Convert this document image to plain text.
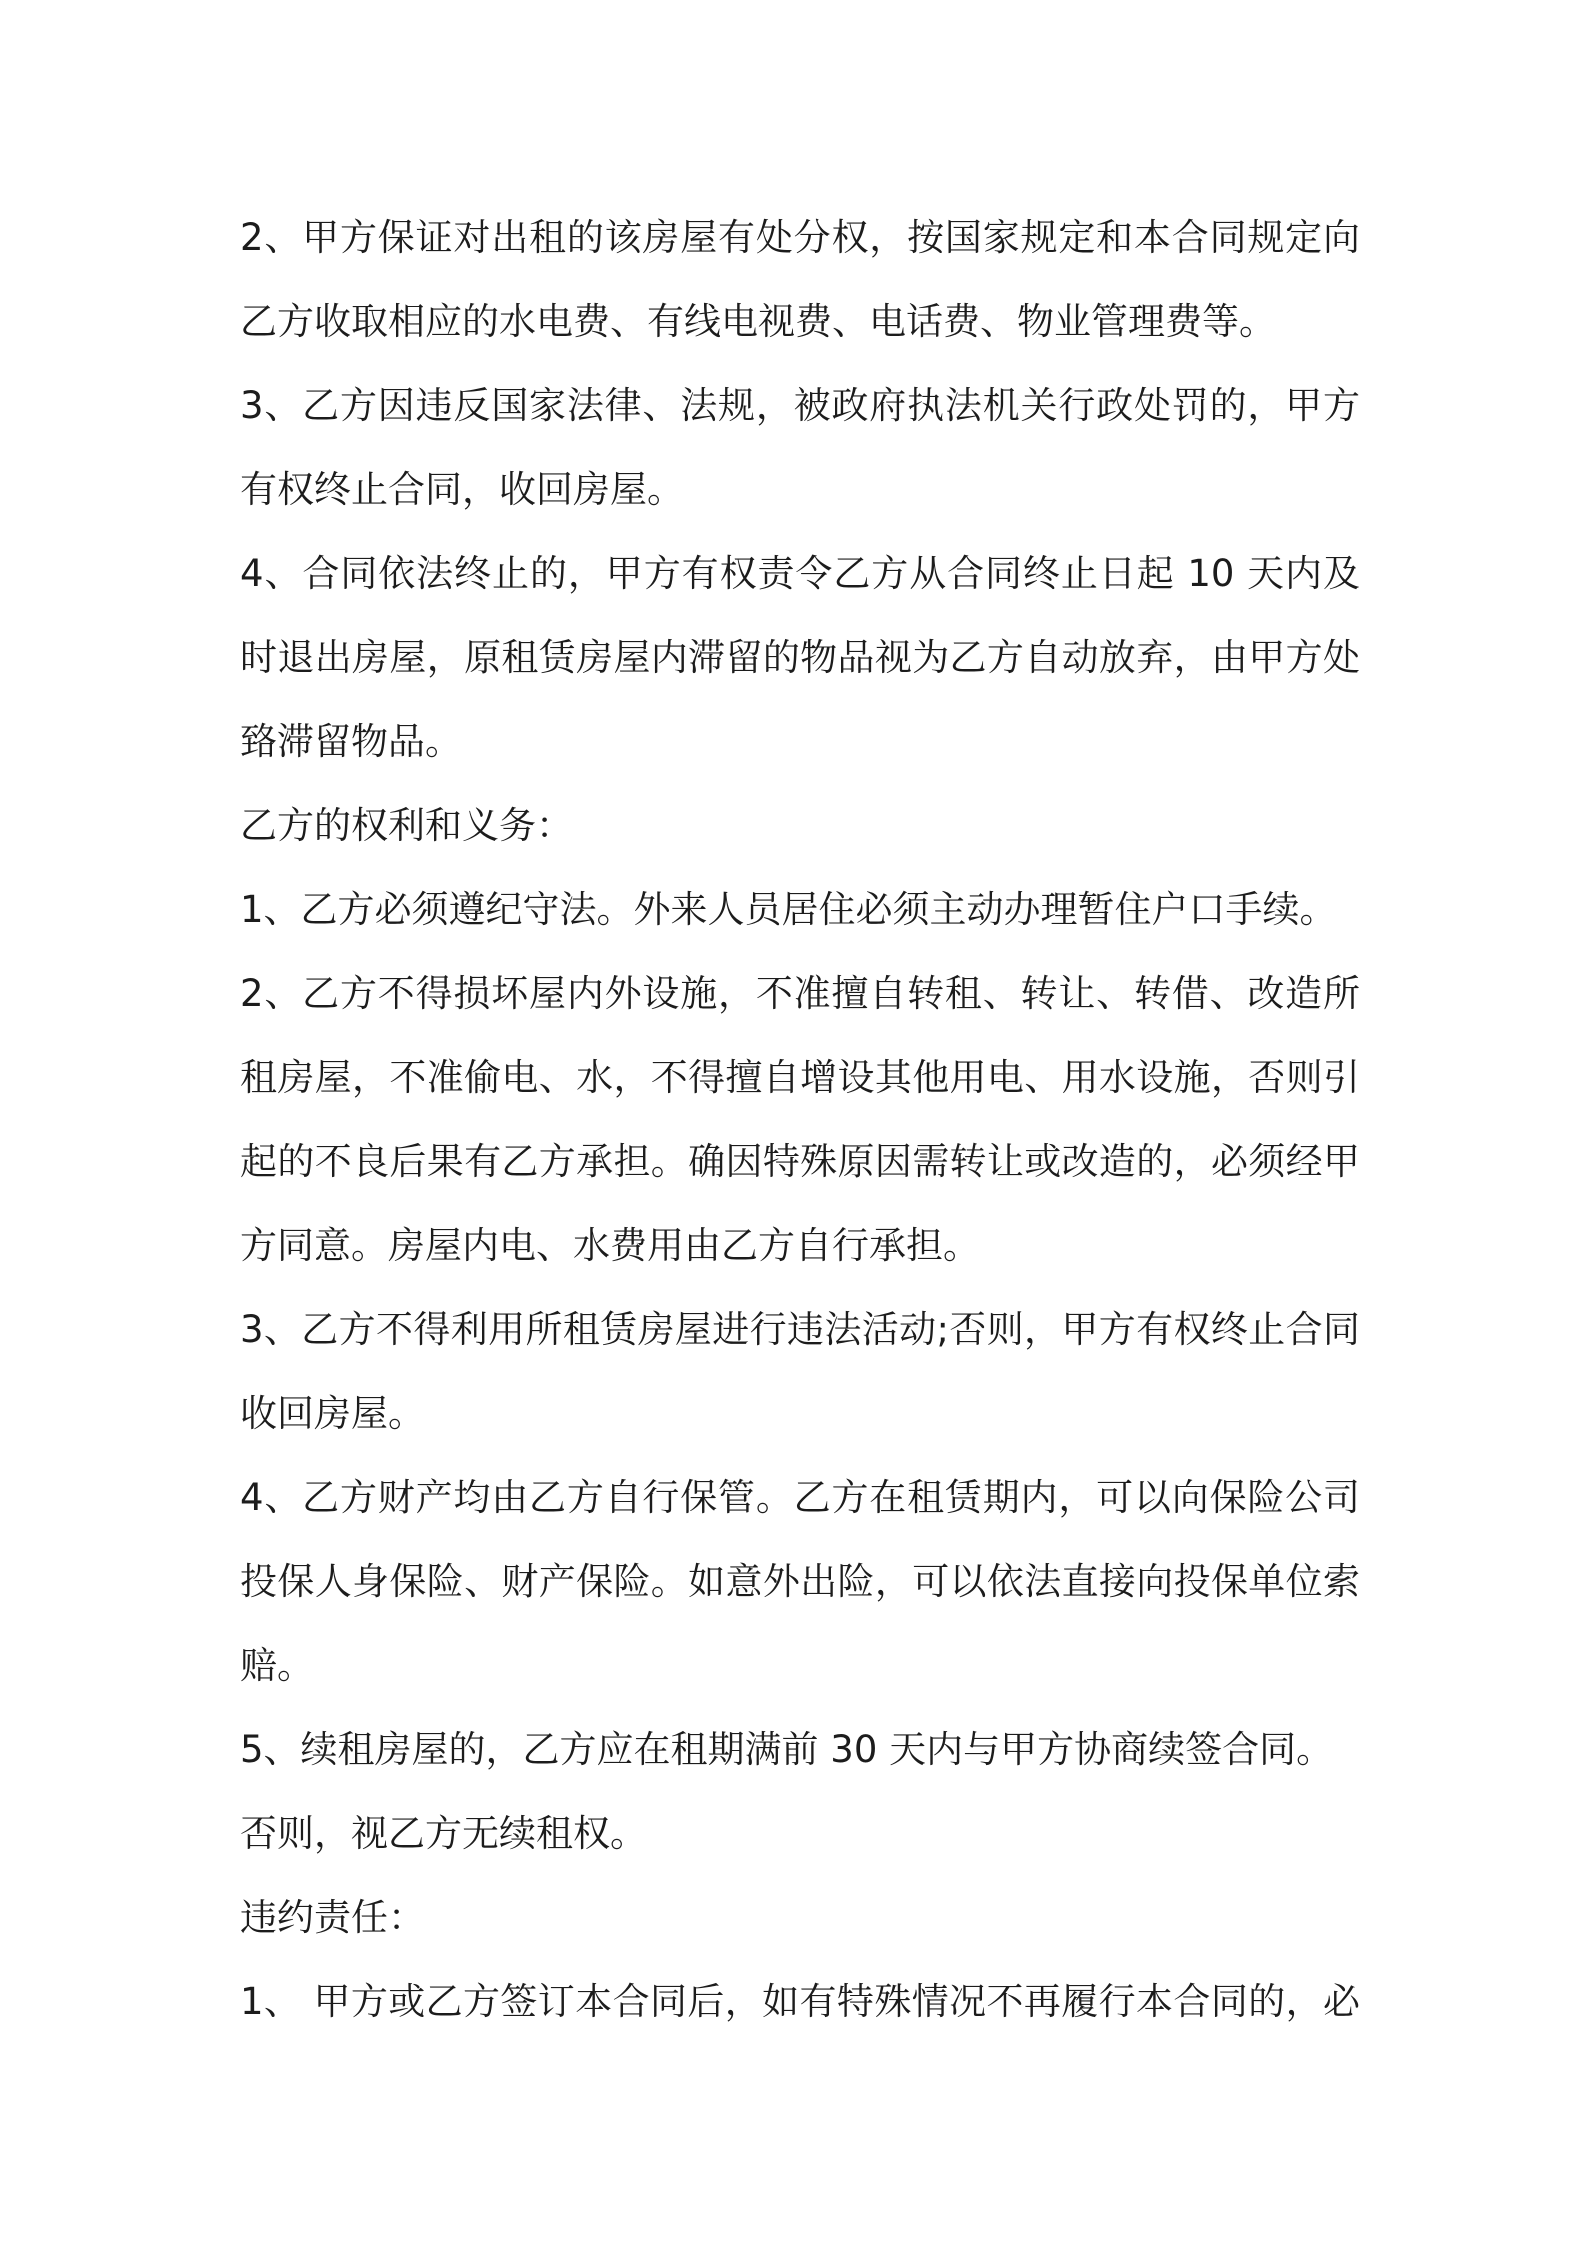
2、甲方保证对出租的该房屋有处分权，按国家规定和本合同规定向
乙方收取相应的水电费、有线电视费、电话费、物业管理费等。
3、乙方因违反国家法律、法规，被政府执法机关行政处罚的，甲方
有权终止合同，收回房屋。
4、合同依法终止的，甲方有权责令乙方从合同终止日起 10 天内及
时退出房屋，原租赁房屋内滞留的物品视为乙方自动放弃，由甲方处
臵滞留物品。
乙方的权利和义务：
1、乙方必须遵纪守法。外来人员居住必须主动办理暂住户口手续。
2、乙方不得损坏屋内外设施，不准擅自转租、转让、转借、改造所
租房屋，不准偷电、水，不得擅自增设其他用电、用水设施，否则引
起的不良后果有乙方承担。确因特殊原因需转让或改造的，必须经甲
方同意。房屋内电、水费用由乙方自行承担。
3、乙方不得利用所租赁房屋进行违法活动;否则，甲方有权终止合同
收回房屋。
4、乙方财产均由乙方自行保管。乙方在租赁期内，可以向保险公司
投保人身保险、财产保险。如意外出险，可以依法直接向投保单位索
赔。
5、续租房屋的，乙方应在租期满前 30 天内与甲方协商续签合同。
否则，视乙方无续租权。
违约责任：
1、 甲方或乙方签订本合同后，如有特殊情况不再履行本合同的，必
